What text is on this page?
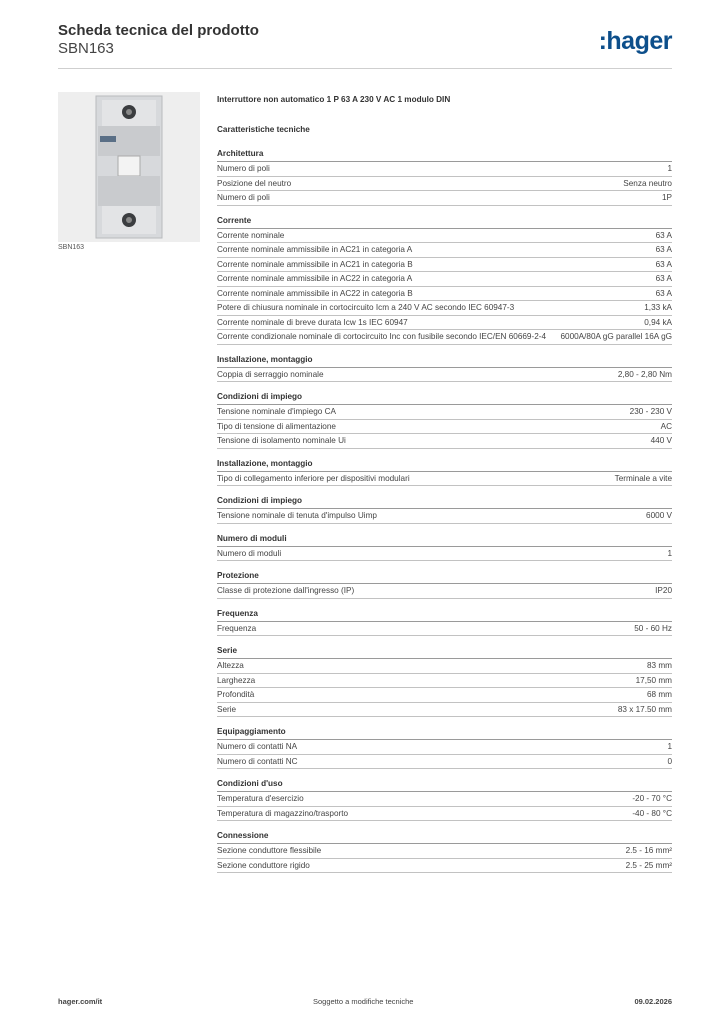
Scheda tecnica del prodotto
SBN163	:hager
SBN163
Interruttore non automatico 1 P 63 A 230 V AC 1 modulo DIN
Caratteristiche tecniche
Architettura
Numero di poli	1
Posizione del neutro	Senza neutro
Numero di poli	1P
Corrente
Corrente nominale	63 A
Corrente nominale ammissibile in AC21 in categoria A	63 A
Corrente nominale ammissibile in AC21 in categoria B	63 A
Corrente nominale ammissibile in AC22 in categoria A	63 A
Corrente nominale ammissibile in AC22 in categoria B	63 A
Potere di chiusura nominale in cortocircuito Icm a 240 V AC secondo IEC 60947-3	1,33 kA
Corrente nominale di breve durata Icw 1s IEC 60947	0,94 kA
Corrente condizionale nominale di cortocircuito Inc con fusibile secondo IEC/EN 60669-2-4	6000A/80A gG parallel 16A gG
Installazione, montaggio
Coppia di serraggio nominale	2,80 - 2,80 Nm
Condizioni di impiego
Tensione nominale d'impiego CA	230 - 230 V
Tipo di tensione di alimentazione	AC
Tensione di isolamento nominale Ui	440 V
Installazione, montaggio
Tipo di collegamento inferiore per dispositivi modulari	Terminale a vite
Condizioni di impiego
Tensione nominale di tenuta d'impulso Uimp	6000 V
Numero di moduli
Numero di moduli	1
Protezione
Classe di protezione dall'ingresso (IP)	IP20
Frequenza
Frequenza	50 - 60 Hz
Serie
Altezza	83 mm
Larghezza	17,50 mm
Profondità	68 mm
Serie	83 x 17.50 mm
Equipaggiamento
Numero di contatti NA	1
Numero di contatti NC	0
Condizioni d'uso
Temperatura d'esercizio	-20 - 70 °C
Temperatura di magazzino/trasporto	-40 - 80 °C
Connessione
Sezione conduttore flessibile	2.5 - 16 mm²
Sezione conduttore rigido	2.5 - 25 mm²
hager.com/it	Soggetto a modifiche tecniche	09.02.2026
